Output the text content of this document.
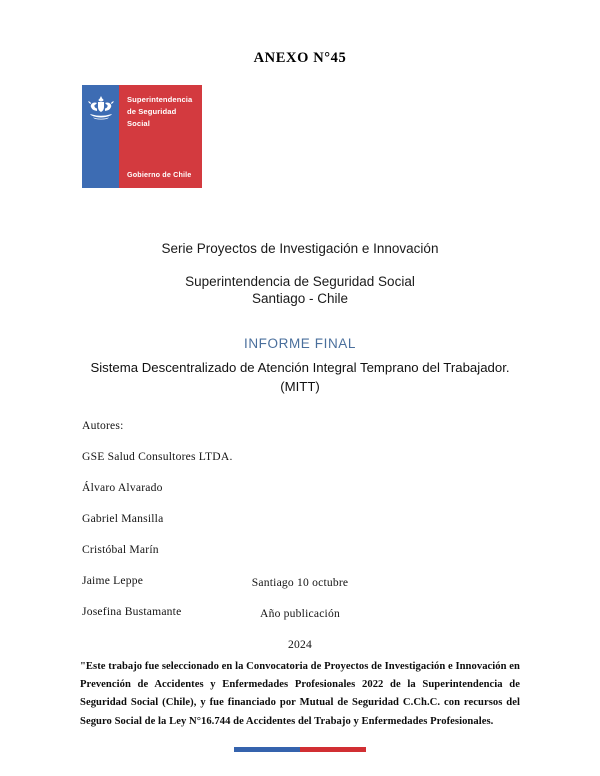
ANEXO N°45
Superintendencia de Seguridad Social
Gobierno de Chile
Serie Proyectos de Investigación e Innovación
Superintendencia de Seguridad Social
Santiago - Chile
INFORME FINAL
Sistema Descentralizado de Atención Integral Temprano del Trabajador.
(MITT)
Autores:
GSE Salud Consultores LTDA.
Álvaro Alvarado
Gabriel Mansilla
Cristóbal Marín
Jaime Leppe
Josefina Bustamante
Santiago 10 octubre
Año publicación
2024
"Este trabajo fue seleccionado en la Convocatoria de Proyectos de Investigación e Innovación en Prevención de Accidentes y Enfermedades Profesionales 2022 de la Superintendencia de Seguridad Social (Chile), y fue financiado por Mutual de Seguridad C.Ch.C. con recursos del Seguro Social de la Ley N°16.744 de Accidentes del Trabajo y Enfermedades Profesionales.
